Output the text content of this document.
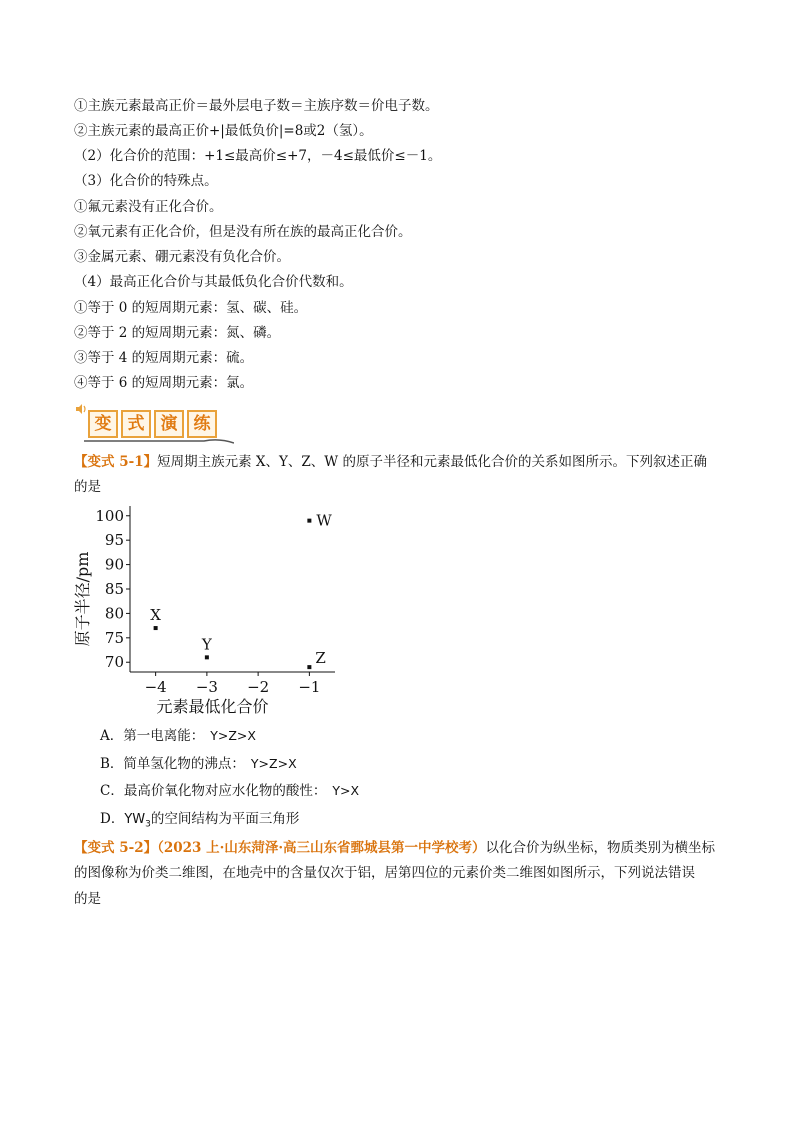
①主族元素最高正价＝最外层电子数＝主族序数＝价电子数。
②主族元素的最高正价+|最低负价|=8或2（氢）。
（2）化合价的范围：+1≤最高价≤+7，－4≤最低价≤－1。
（3）化合价的特殊点。
①氟元素没有正化合价。
②氧元素有正化合价，但是没有所在族的最高正化合价。
③金属元素、硼元素没有负化合价。
（4）最高正化合价与其最低负化合价代数和。
①等于 0 的短周期元素：氢、碳、硅。
②等于 2 的短周期元素：氮、磷。
③等于 4 的短周期元素：硫。
④等于 6 的短周期元素：氯。
变 式 演 练
【变式 5-1】短周期主族元素 X、Y、Z、W 的原子半径和元素最低化合价的关系如图所示。下列叙述正确
的是
−4 −3 −2 −1
70
75
80
85
90
95
100
元素最低化合价
原子半径/pm	X
Y
Z
W
A．第一电离能： Y>Z>X
B．简单氢化物的沸点： Y>Z>X
C．最高价氧化物对应水化物的酸性： Y>X
D．$YW_3$的空间结构为平面三角形
【变式 5-2】（2023 上·山东菏泽·高三山东省鄄城县第一中学校考）以化合价为纵坐标，物质类别为横坐标
的图像称为价类二维图，在地壳中的含量仅次于铝，居第四位的元素价类二维图如图所示，下列说法错误
的是
